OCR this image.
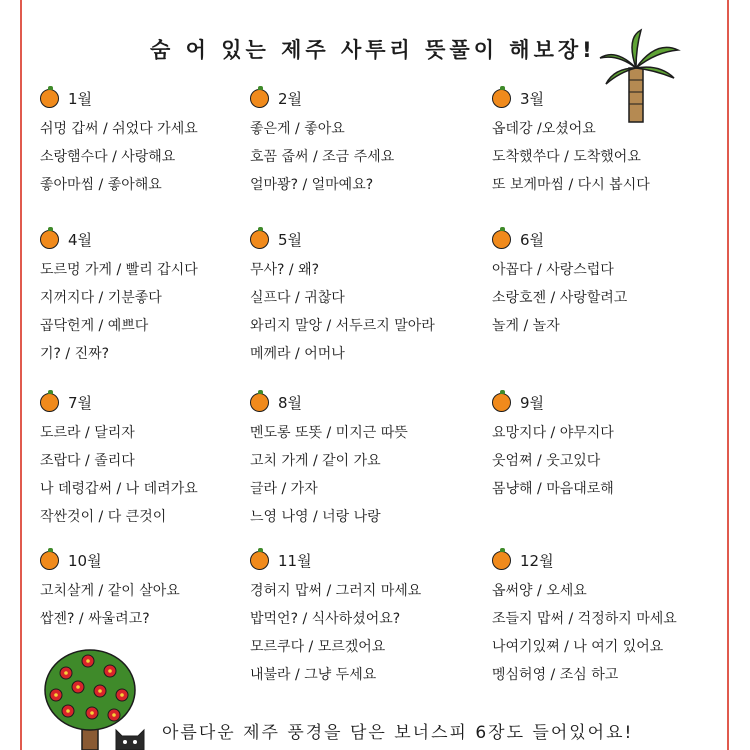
숨 어 있는 제주 사투리 뜻풀이 해보장!
1월
쉬멍 갑써 / 쉬었다 가세요
소랑햄수다 / 사랑해요
좋아마씸 / 좋아해요
2월
좋은게 / 좋아요
호꼼 줍써 / 조금 주세요
얼마꽝? / 얼마예요?
3월
옵데강 /오셨어요
도착했쑤다 / 도착했어요
또 보게마씸 / 다시 봅시다
4월
도르멍 가게 / 빨리 갑시다
지꺼지다 / 기분좋다
곱닥헌게 / 예쁘다
기? / 진짜?
5월
무사? / 왜?
실프다 / 귀찮다
와리지 말앙 / 서두르지 말아라
메께라 / 어머나
6월
아꼽다 / 사랑스럽다
소랑호젠 / 사랑할려고
놀게 / 놀자
7월
도르라 / 달리자
조랍다 / 졸리다
나 데령갑써 / 나 데려가요
작싼것이 / 다 큰것이
8월
멘도롱 또똣 / 미지근 따뜻
고치 가게 / 같이 가요
글라 / 가자
느영 나영 / 너랑 나랑
9월
요망지다 / 야무지다
웃엄쪄 / 웃고있다
몸냥해 / 마음대로해
10월
고치살게 / 같이 살아요
쌉젠? / 싸울려고?
11월
경허지 맙써 / 그러지 마세요
밥먹언? / 식사하셨어요?
모르쿠다 / 모르겠어요
내불라 / 그냥 두세요
12월
옵써양 / 오세요
조들지 맙써 / 걱정하지 마세요
나여기있쪄 / 나 여기 있어요
멩심허영 / 조심 하고
아름다운 제주 풍경을 담은 보너스피 6장도 들어있어요!
